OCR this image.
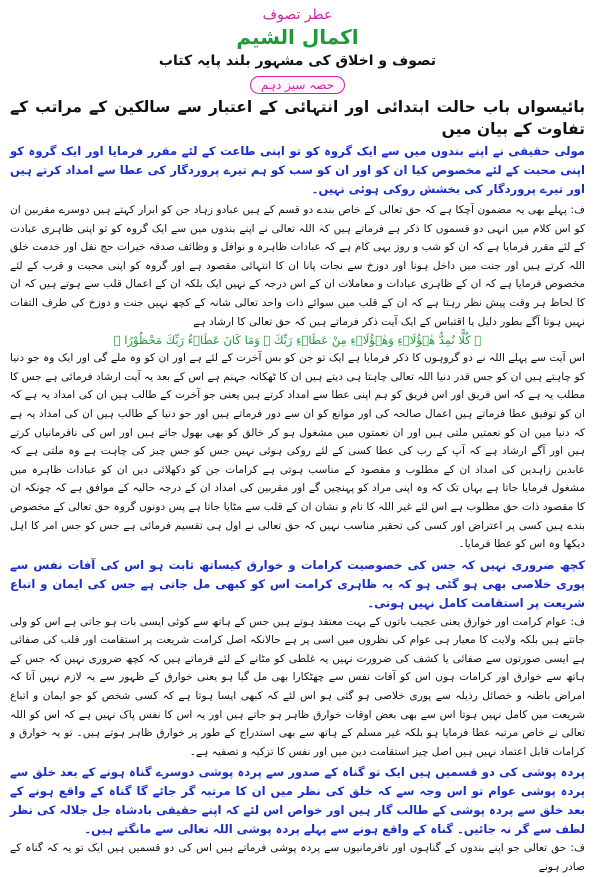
عطر تصوف
اکمال الشیم
تصوف و اخلاق کی مشہور بلند پایہ کتاب
حصہ سیز دہم
بائیسواں باب حالت ابتدائی اور انتہائی کے اعتبار سے سالکین کے مراتب کے تفاوت کے بیان میں
مولی حقیقی نے اپنے بندوں میں سے ایک گروہ کو تو اپنی طاعت کے لئے مقرر فرمایا اور ایک گروہ کو اپنی محبت کے لئے مخصوص کیا ان کو اور ان کو سب کو ہم تیرے پروردگار کی عطا سے امداد کرتے ہیں اور تیرے پروردگار کی بخشش روکی ہوئی نہیں۔
ف: پہلے بھی یہ مضمون آچکا ہے کہ حق تعالی کے خاص بندے دو قسم کے ہیں عبادو زہاد جن کو ابرار کہتے ہیں دوسرے مقربین ان کو اس کلام میں انہی دو قسموں کا ذکر ہے فرماتے ہیں کہ اللہ تعالی نے اپنے بندوں میں سے ایک گروہ کو تو اپنی ظاہری عبادت کے لئے مقرر فرمایا ہے کہ ان کو شب و روز یہی کام ہے کہ عبادات ظاہرہ و نوافل و وظائف صدقہ خیرات حج نفل اور خدمت خلق اللہ کرتے ہیں اور جنت میں داخل ہونا اور دوزخ سے نجات پانا ان کا انتہائی مقصود ہے اور گروہ کو اپنی محبت و قرب کے لئے مخصوص فرمایا ہے کہ ان کے ظاہری عبادات و معاملات ان کے اس درجہ کے نہیں ایک بلکہ ان کے اعمال قلب سے ہوتے ہیں کہ ان کا لحاظ ہر وقت پیش نظر رہتا ہے کہ ان کے قلب میں سوائے ذات واحد تعالی شانہ کے کچھ نہیں جنت و دوزخ کی طرف التفات نہیں ہوتا آگے بطور دلیل یا اقتباس کے ایک آیت ذکر فرماتے ہیں کہ حق تعالی کا ارشاد ہے
﴿ کُلًّا نُمِدُّ ھٰۤؤُلَاۗءِ وَھٰۤؤُلَاۗءِ مِنْ عَطَاۗءِ رَبِّكَ ۭ وَمَا كَانَ عَطَاۗءُ رَبِّكَ مَحْظُوْرًا ﴾
اس آیت سے پہلے اللہ نے دو گروہوں کا ذکر فرمایا ہے ایک تو جن کو بس آخرت کے لئے ہے اور ان کو وہ ملے گی اور ایک وہ جو دنیا کو چاہتے ہیں ان کو جس قدر دنیا اللہ تعالی چاہتا ہی دیتے ہیں ان کا ٹھکانہ جہنم ہے اس کے بعد یہ آیت ارشاد فرمائی ہے جس کا مطلب یہ ہے کہ اس فریق اور اس فریق کو ہم اپنی عطا سے امداد کرتے ہیں یعنی جو آخرت کے طالب ہیں ان کی امداد یہ ہے کہ ان کو توفیق عطا فرماتے ہیں اعمال صالحہ کی اور موانع کو ان سے دور فرماتے ہیں اور جو دنیا کے طالب ہیں ان کی امداد یہ ہے کہ دنیا میں ان کو نعمتیں ملتی ہیں اور ان نعمتوں میں مشغول ہو کر خالق کو بھی بھول جاتے ہیں اور اس کی نافرمانیاں کرتے ہیں اور آگے ارشاد ہے کہ آپ کے رب کی عطا کسی کے لئے روکی ہوئی نہیں جس کو جس چیز کی چاہت ہے وہ ملتی ہے کہ عابدین زاہدین کی امداد ان کے مطلوب و مقصود کے مناسب ہوتی ہے کرامات جن کو دکھلائی دیں ان کو عبادات ظاہرہ میں مشغول فرمایا جاتا ہے یہاں تک کہ وہ اپنی مراد کو پہنچیں گے اور مقربین کی امداد ان کے درجہ حالیہ کے موافق ہے کہ چونکہ ان کا مقصود ذات حق مطلوب ہے اس لئے غیر اللہ کا نام و نشان ان کے قلب سے مٹایا جاتا ہے پس دونوں گروہ حق تعالی کے مخصوص بندے ہیں کسی پر اعتراض اور کسی کی تحقیر مناسب نہیں کہ حق تعالی نے اول ہی تقسیم فرمائی ہے جس کو جس امر کا اہل دیکھا وہ اس کو عطا فرمایا۔
کچھ ضروری نہیں کہ جس کی خصوصیت کرامات و خوارق کیساتھ ثابت ہو اس کی آفات نفس سے پوری خلاصی بھی ہو گئی ہو کہ یہ ظاہری کرامت اس کو کبھی مل جاتی ہے جس کی ایمان و اتباع شریعت پر استقامت کامل نہیں ہوتی۔
ف: عوام کرامت اور خوارق یعنی عجیب باتوں کے بہت معتقد ہوتے ہیں جس کے ہاتھ سے کوئی ایسی بات ہو جاتی ہے اس کو ولی جانتے ہیں بلکہ ولایت کا معیار ہی عوام کی نظروں میں اسی پر ہے حالانکہ اصل کرامت شریعت پر استقامت اور قلب کی صفائی ہے ایسی صورتوں سے صفائی یا کشف کی ضرورت نہیں یہ غلطی کو مٹانے کے لئے فرماتے ہیں کہ کچھ ضروری نہیں کہ جس کے ہاتھ سے خوارق اور کرامات ہوں اس کو آفات نفس سے چھٹکارا بھی مل گیا ہو یعنی خوارق کے ظہور سے یہ لازم نہیں آتا کہ امراض باطنہ و خصائل رذیلہ سے پوری خلاصی ہو گئی ہو اس لئے کہ کبھی ایسا ہوتا ہے کہ کسی شخص کو جو ایمان و اتباع شریعت میں کامل نہیں ہوتا اس سے بھی بعض اوقات خوارق ظاہر ہو جاتے ہیں اور یہ اس کا نفس پاک نہیں ہے کہ اس کو اللہ تعالی نے خاص مرتبہ عطا فرمایا ہو بلکہ غیر مسلم کے ہاتھ سے بھی استدراج کے طور پر خوارق ظاہر ہوتے ہیں۔ تو یہ خوارق و کرامات قابل اعتماد نہیں ہیں اصل چیز استقامت دین میں اور نفس کا تزکیہ و تصفیہ ہے۔
پردہ پوشی کی دو قسمیں ہیں ایک تو گناہ کے صدور سے پردہ پوشی دوسرے گناہ ہونے کے بعد خلق سے پردہ پوشی عوام تو اس وجہ سے کہ خلق کی نظر میں ان کا مرتبہ گر جائے گا گناہ کے واقع ہونے کے بعد خلق سے پردہ پوشی کے طالب گار ہیں اور خواص اس لئے کہ اپنے حقیقی بادشاہ جل جلالہ کی نظر لطف سے گر نہ جائیں۔ گناہ کے واقع ہونے سے پہلے پردہ پوشی اللہ تعالی سے مانگتے ہیں۔
ف: حق تعالی جو اپنے بندوں کے گناہوں اور نافرمانیوں سے پردہ پوشی فرماتے ہیں اس کی دو قسمیں ہیں ایک تو یہ کہ گناہ کے صادر ہونے
